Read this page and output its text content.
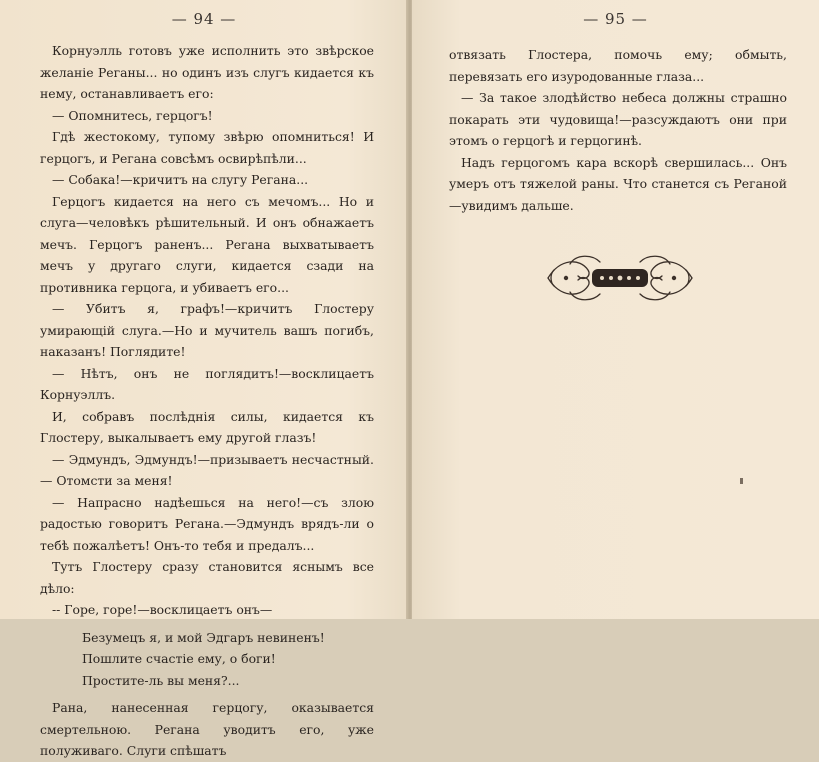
— 94 —

Корнуэлль готовъ уже исполнить это звѣрское желаніе Реганы... но одинъ изъ слугъ кидается къ нему, останавливаетъ его:

— Опомнитесь, герцогъ!

Гдѣ жестокому, тупому звѣрю опомниться! И герцогъ, и Регана совсѣмъ освирѣпѣли...

— Собака!—кричитъ на слугу Регана...

Герцогъ кидается на него съ мечомъ... Но и слуга—человѣкъ рѣшительный. И онъ обнажаетъ мечъ. Герцогъ раненъ... Регана выхватываетъ мечъ у другаго слуги, кидается сзади на противника герцога, и убиваетъ его...

— Убитъ я, графъ!—кричитъ Глостеру умирающій слуга.—Но и мучитель вашъ погибъ, наказанъ! Поглядите!

— Нѣтъ, онъ не поглядитъ!—восклицаетъ Корнуэллъ.

И, собравъ послѣднія силы, кидается къ Глостеру, выкалываетъ ему другой глазъ!

— Эдмундъ, Эдмундъ!—призываетъ несчастный.— Отомсти за меня!

— Напрасно надѣешься на него!—съ злою радостью говоритъ Регана.—Эдмундъ врядъ-ли о тебѣ пожалѣетъ! Онъ-то тебя и предалъ...

Тутъ Глостеру сразу становится яснымъ все дѣло:

-- Горе, горе!—восклицаетъ онъ—

Безумецъ я, и мой Эдгаръ невиненъ!

Пошлите счастіе ему, о боги!

Простите-ль вы меня?...

Рана, нанесенная герцогу, оказывается смертельною. Регана уводитъ его, уже полуживаго. Слуги спѣшатъ

— 95 —

отвязать Глостера, помочь ему; обмыть, перевязать его изуродованные глаза...

— За такое злодѣйство небеса должны страшно покарать эти чудовища!—разсуждаютъ они при этомъ о герцогѣ и герцогинѣ.

Надъ герцогомъ кара вскорѣ свершилась... Онъ умеръ отъ тяжелой раны. Что станется съ Реганой—увидимъ дальше.
